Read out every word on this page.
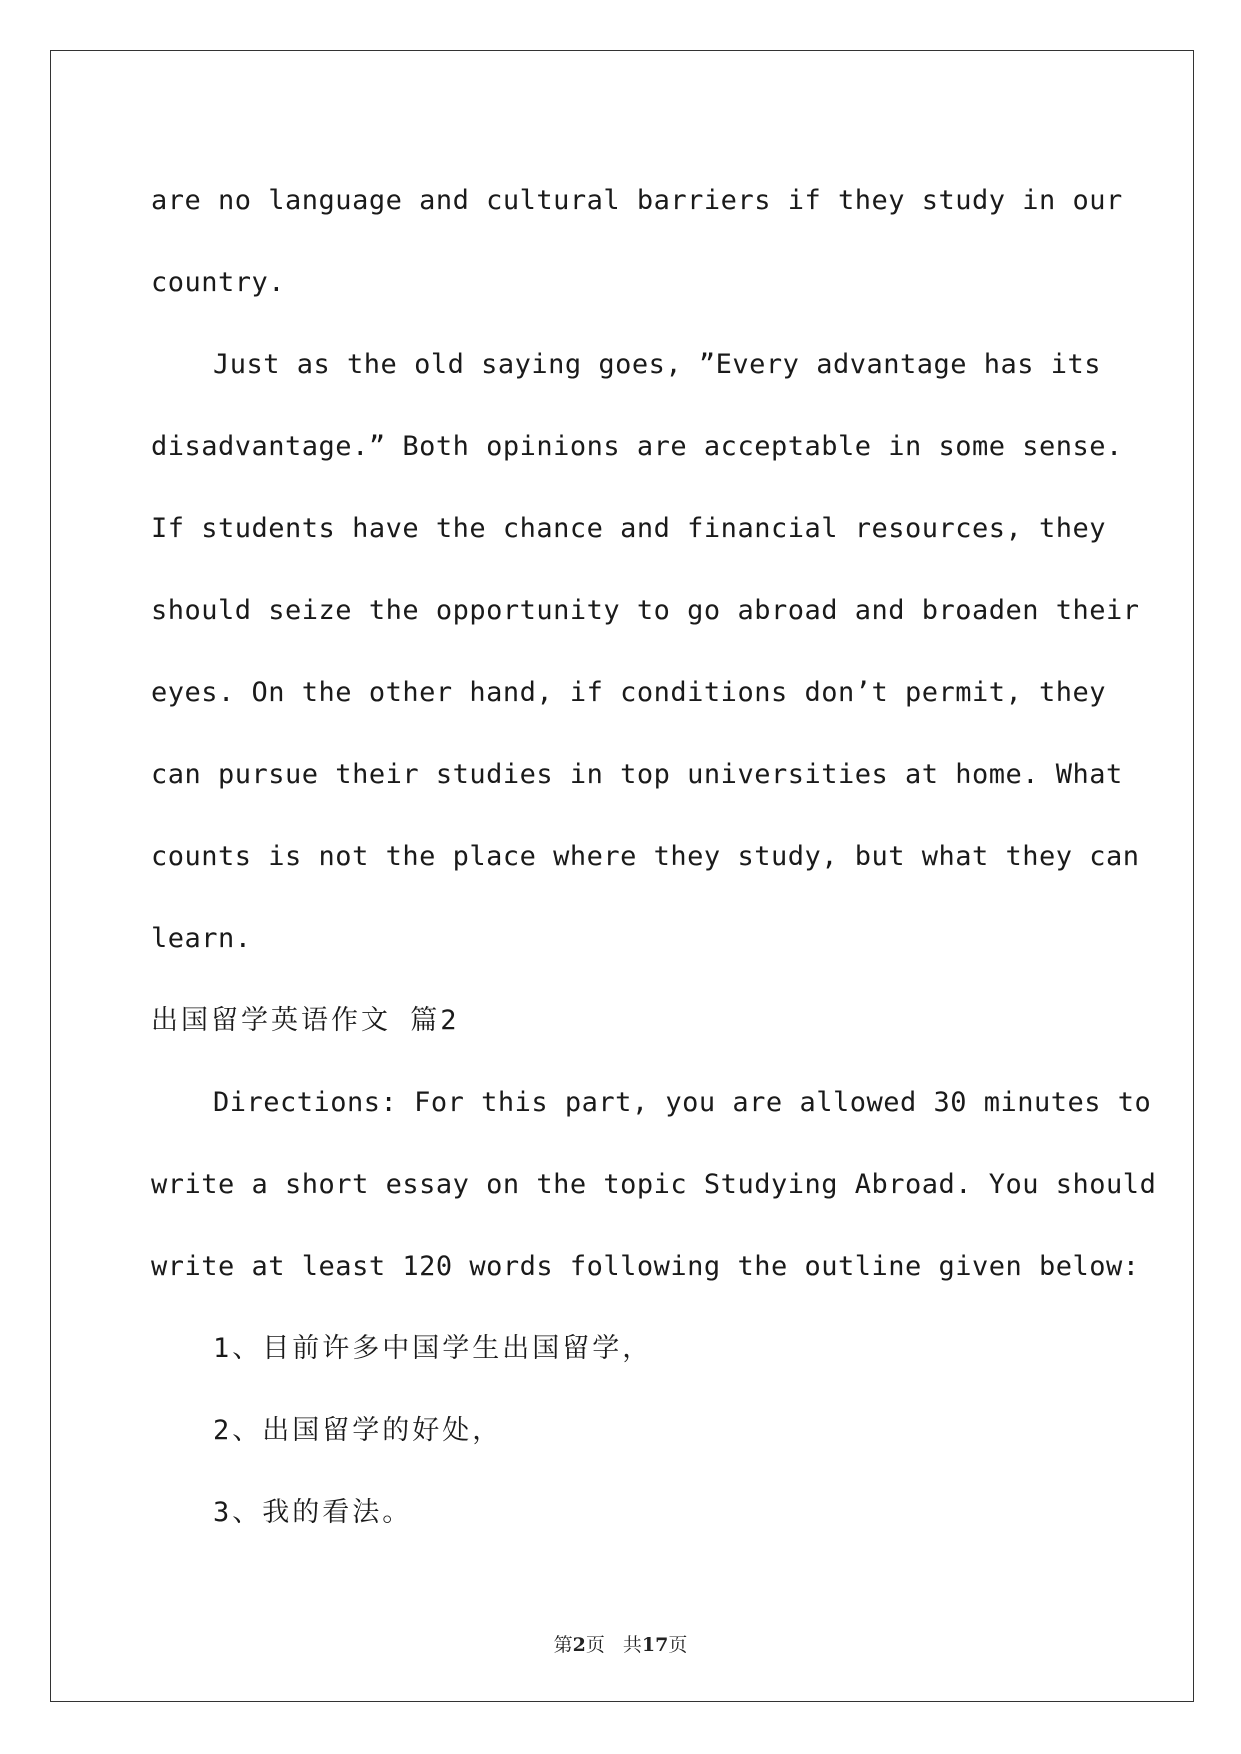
are no language and cultural barriers if they study in our
country.
Just as the old saying goes, ”Every advantage has its
disadvantage.” Both opinions are acceptable in some sense.
If students have the chance and financial resources, they
should seize the opportunity to go abroad and broaden their
eyes. On the other hand, if conditions don’t permit, they
can pursue their studies in top universities at home. What
counts is not the place where they study, but what they can
learn.
出国留学英语作文 篇2
Directions: For this part, you are allowed 30 minutes to
write a short essay on the topic Studying Abroad. You should
write at least 120 words following the outline given below:
1、目前许多中国学生出国留学，
2、出国留学的好处，
3、我的看法。
第2页 共17页
